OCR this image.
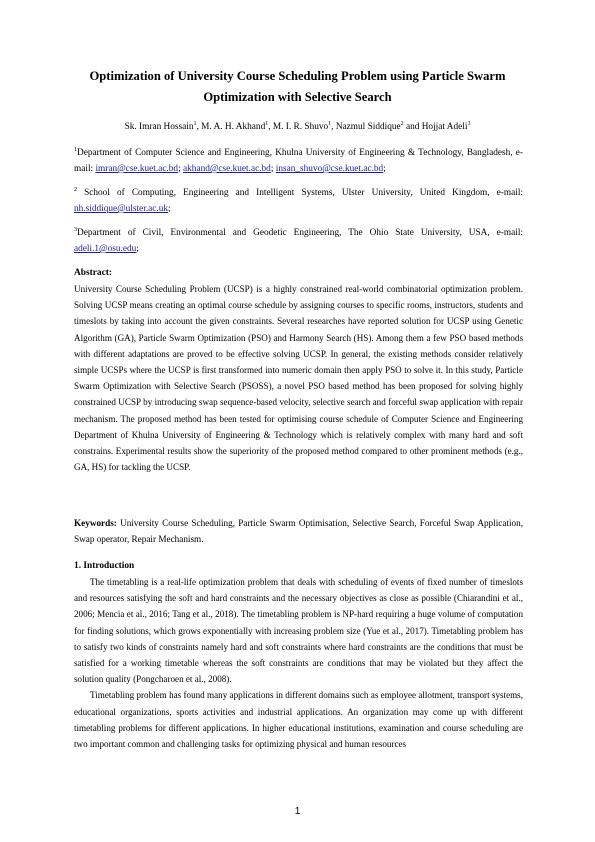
Optimization of University Course Scheduling Problem using Particle Swarm Optimization with Selective Search
Sk. Imran Hossain$^1$, M. A. H. Akhand$^1$, M. I. R. Shuvo$^1$, Nazmul Siddique$^2$ and Hojjat Adeli$^3$

$^1$Department of Computer Science and Engineering, Khulna University of Engineering & Technology, Bangladesh, e-mail: imran@cse.kuet.ac.bd; akhand@cse.kuet.ac.bd; insan_shuvo@cse.kuet.ac.bd;

$^2$ School of Computing, Engineering and Intelligent Systems, Ulster University, United Kingdom, e-mail: nh.siddique@ulster.ac.uk;

$^3$Department of Civil, Environmental and Geodetic Engineering, The Ohio State University, USA, e-mail: adeli.1@osu.edu;

Abstract:

University Course Scheduling Problem (UCSP) is a highly constrained real-world combinatorial optimization problem. Solving UCSP means creating an optimal course schedule by assigning courses to specific rooms, instructors, students and timeslots by taking into account the given constraints. Several researches have reported solution for UCSP using Genetic Algorithm (GA), Particle Swarm Optimization (PSO) and Harmony Search (HS). Among them a few PSO based methods with different adaptations are proved to be effective solving UCSP. In general, the existing methods consider relatively simple UCSPs where the UCSP is first transformed into numeric domain then apply PSO to solve it. In this study, Particle Swarm Optimization with Selective Search (PSOSS), a novel PSO based method has been proposed for solving highly constrained UCSP by introducing swap sequence-based velocity, selective search and forceful swap application with repair mechanism. The proposed method has been tested for optimising course schedule of Computer Science and Engineering Department of Khulna University of Engineering & Technology which is relatively complex with many hard and soft constrains. Experimental results show the superiority of the proposed method compared to other prominent methods (e.g., GA, HS) for tackling the UCSP.

Keywords: University Course Scheduling, Particle Swarm Optimisation, Selective Search, Forceful Swap Application, Swap operator, Repair Mechanism.

1. Introduction

The timetabling is a real-life optimization problem that deals with scheduling of events of fixed number of timeslots and resources satisfying the soft and hard constraints and the necessary objectives as close as possible (Chiarandini et al., 2006; Mencia et al., 2016; Tang et al., 2018). The timetabling problem is NP-hard requiring a huge volume of computation for finding solutions, which grows exponentially with increasing problem size (Yue et al., 2017). Timetabling problem has to satisfy two kinds of constraints namely hard and soft constraints where hard constraints are the conditions that must be satisfied for a working timetable whereas the soft constraints are conditions that may be violated but they affect the solution quality (Pongcharoen et al., 2008).

Timetabling problem has found many applications in different domains such as employee allotment, transport systems, educational organizations, sports activities and industrial applications. An organization may come up with different timetabling problems for different applications. In higher educational institutions, examination and course scheduling are two important common and challenging tasks for optimizing physical and human resources

1
